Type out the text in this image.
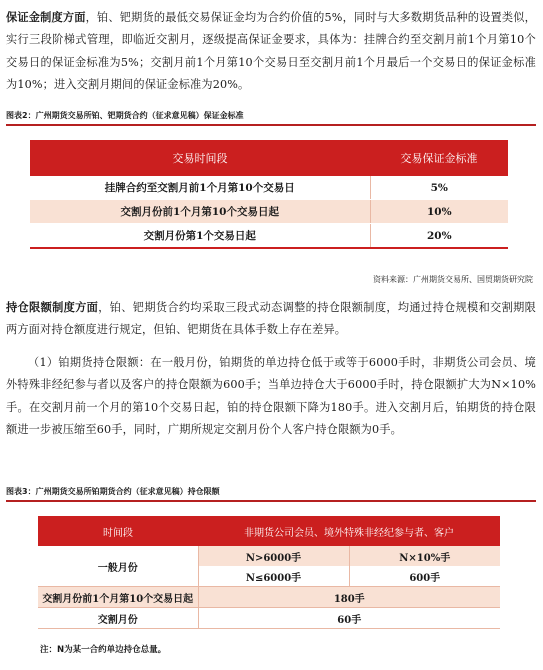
保证金制度方面，铂、钯期货的最低交易保证金均为合约价值的5%，同时与大多数期货品种的设置类似，实行三段阶梯式管理，即临近交割月，逐级提高保证金要求，具体为：挂牌合约至交割月前1个月第10个交易日的保证金标准为5%；交割月前1个月第10个交易日至交割月前1个月最后一个交易日的保证金标准为10%；进入交割月期间的保证金标准为20%。
图表2：广州期货交易所铂、钯期货合约（征求意见稿）保证金标准
交易时间段	交易保证金标准
挂牌合约至交割月前1个月第10个交易日	5%
交割月份前1个月第10个交易日起	10%
交割月份第1个交易日起	20%
资料来源：广州期货交易所、国贸期货研究院
持仓限额制度方面，铂、钯期货合约均采取三段式动态调整的持仓限额制度，均通过持仓规模和交割期限两方面对持仓额度进行规定，但铂、钯期货在具体手数上存在差异。
（1）铂期货持仓限额：在一般月份，铂期货的单边持仓低于或等于6000手时，非期货公司会员、境外特殊非经纪参与者以及客户的持仓限额为600手；当单边持仓大于6000手时，持仓限额扩大为N×10%手。在交割月前一个月的第10个交易日起，铂的持仓限额下降为180手。进入交割月后，铂期货的持仓限额进一步被压缩至60手，同时，广期所规定交割月份个人客户持仓限额为0手。
图表3：广州期货交易所铂期货合约（征求意见稿）持仓限额
时间段	非期货公司会员、境外特殊非经纪参与者、客户	
一般月份	N>6000手	N×10%手
	N≤6000手	600手
交割月份前1个月第10个交易日起	180手	
交割月份	60手	
注：N为某一合约单边持仓总量。
